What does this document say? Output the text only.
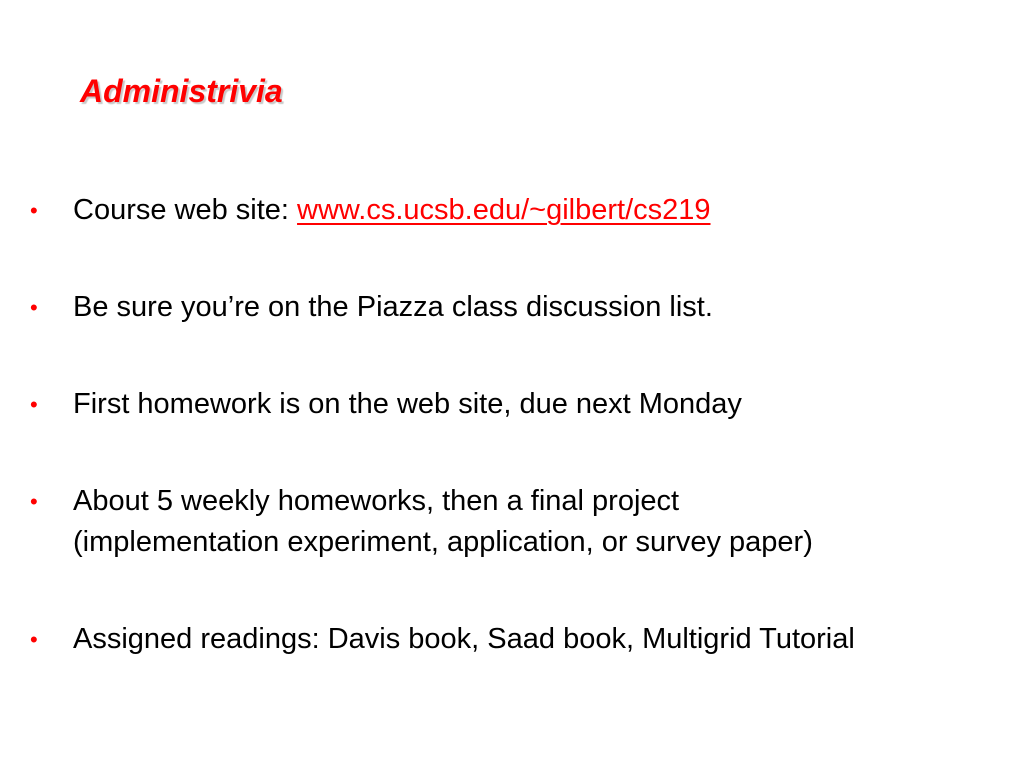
Administrivia
•	Course web site: www.cs.ucsb.edu/~gilbert/cs219
•	Be sure you’re on the Piazza class discussion list.
•	First homework is on the web site, due next Monday
•	About 5 weekly homeworks, then a final project
(implementation experiment, application, or survey paper)
•	Assigned readings: Davis book, Saad book, Multigrid Tutorial
